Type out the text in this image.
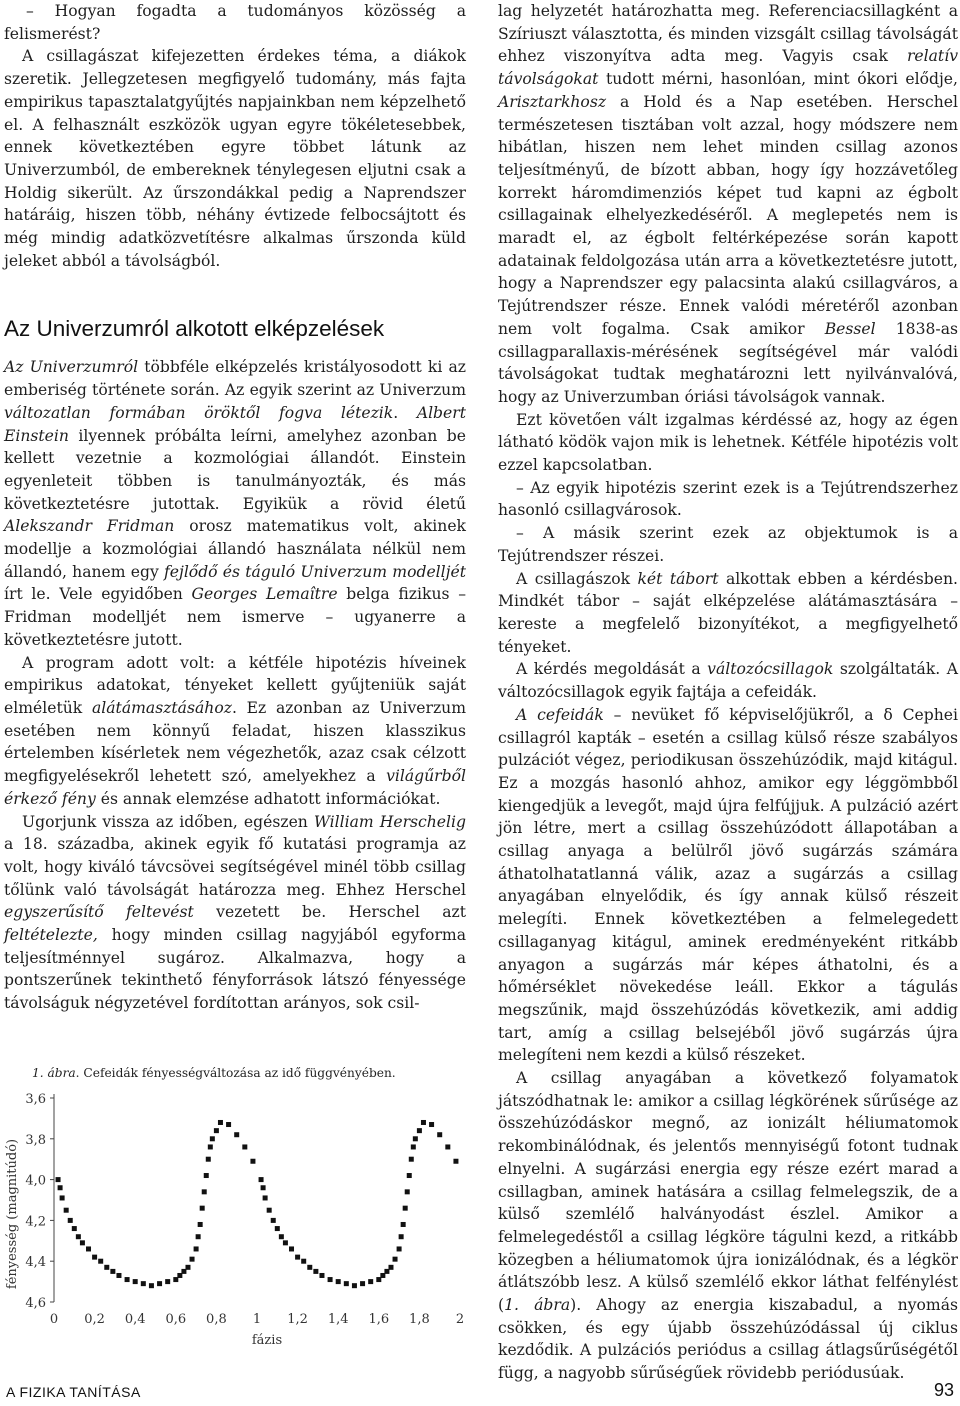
– Hogyan fogadta a tudományos közösség a felismerést?

A csillagászat kifejezetten érdekes téma, a diákok szeretik. Jellegzetesen megfigyelő tudomány, más fajta empirikus tapasztalatgyűjtés napjainkban nem képzelhető el. A felhasznált eszközök ugyan egyre tökéletesebbek, ennek következtében egyre többet látunk az Univerzumból, de embereknek ténylegesen eljutni csak a Holdig sikerült. Az űrszondákkal pedig a Naprendszer határáig, hiszen több, néhány évtizede felbocsájtott és még mindig adatközvetítésre alkalmas űrszonda küld jeleket abból a távolságból.

Az Univerzumról alkotott elképzelések

Az Univerzumról többféle elképzelés kristályosodott ki az emberiség története során. Az egyik szerint az Univerzum változatlan formában öröktől fogva létezik. Albert Einstein ilyennek próbálta leírni, amelyhez azonban be kellett vezetnie a kozmológiai állandót. Einstein egyenleteit többen is tanulmányozták, és más következtetésre jutottak. Egyikük a rövid életű Alekszandr Fridman orosz matematikus volt, akinek modellje a kozmológiai állandó használata nélkül nem állandó, hanem egy fejlődő és táguló Univerzum modelljét írt le. Vele egyidőben Georges Lemaître belga fizikus – Fridman modelljét nem ismerve – ugyanerre a következtetésre jutott.

A program adott volt: a kétféle hipotézis híveinek empirikus adatokat, tényeket kellett gyűjteniük saját elméletük alátámasztásához. Ez azonban az Univerzum esetében nem könnyű feladat, hiszen klasszikus értelemben kísérletek nem végezhetők, azaz csak célzott megfigyelésekről lehetett szó, amelyekhez a világűrből érkező fény és annak elemzése adhatott információkat.

Ugorjunk vissza az időben, egészen William Herschelig a 18. századba, akinek egyik fő kutatási programja az volt, hogy kiváló távcsövei segítségével minél több csillag tőlünk való távolságát határozza meg. Ehhez Herschel egyszerűsítő feltevést vezetett be. Herschel azt feltételezte, hogy minden csillag nagyjából egyforma teljesítménnyel sugároz. Alkalmazva, hogy a pontszerűnek tekinthető fényforrások látszó fényessége távolságuk négyzetével fordítottan arányos, sok csil-

lag helyzetét határozhatta meg. Referenciacsillagként a Szíriuszt választotta, és minden vizsgált csillag távolságát ehhez viszonyítva adta meg. Vagyis csak relatív távolságokat tudott mérni, hasonlóan, mint ókori elődje, Arisztarkhosz a Hold és a Nap esetében. Herschel természetesen tisztában volt azzal, hogy módszere nem hibátlan, hiszen nem lehet minden csillag azonos teljesítményű, de bízott abban, hogy így hozzávetőleg korrekt háromdimenziós képet tud kapni az égbolt csillagainak elhelyezkedéséről. A meglepetés nem is maradt el, az égbolt feltérképezése során kapott adatainak feldolgozása után arra a következtetésre jutott, hogy a Naprendszer egy palacsinta alakú csillagváros, a Tejútrendszer része. Ennek valódi méretéről azonban nem volt fogalma. Csak amikor Bessel 1838-as csillagparallaxis-mérésének segítségével már valódi távolságokat tudtak meghatározni lett nyilvánvalóvá, hogy az Univerzumban óriási távolságok vannak.

Ezt követően vált izgalmas kérdéssé az, hogy az égen látható ködök vajon mik is lehetnek. Kétféle hipotézis volt ezzel kapcsolatban.

– Az egyik hipotézis szerint ezek is a Tejútrendszerhez hasonló csillagvárosok.

– A másik szerint ezek az objektumok is a Tejútrendszer részei.

A csillagászok két tábort alkottak ebben a kérdésben. Mindkét tábor – saját elképzelése alátámasztására – kereste a megfelelő bizonyítékot, a megfigyelhető tényeket.

A kérdés megoldását a változócsillagok szolgáltaták. A változócsillagok egyik fajtája a cefeidák.

A cefeidák – nevüket fő képviselőjükről, a δ Cephei csillagról kapták – esetén a csillag külső része szabályos pulzációt végez, periodikusan összehúzódik, majd kitágul. Ez a mozgás hasonló ahhoz, amikor egy léggömbből kiengedjük a levegőt, majd újra felfújjuk. A pulzáció azért jön létre, mert a csillag összehúzódott állapotában a csillag anyaga a belülről jövő sugárzás számára áthatolhatatlanná válik, azaz a sugárzás a csillag anyagában elnyelődik, és így annak külső részeit melegíti. Ennek következtében a felmelegedett csillaganyag kitágul, aminek eredményeként ritkább anyagon a sugárzás már képes áthatolni, és a hőmérséklet növekedése leáll. Ekkor a tágulás megszűnik, majd összehúzódás következik, ami addig tart, amíg a csillag belsejéből jövő sugárzás újra melegíteni nem kezdi a külső részeket.

A csillag anyagában a következő folyamatok játszódhatnak le: amikor a csillag légkörének sűrűsége az összehúzódáskor megnő, az ionizált héliumatomok rekombinálódnak, és jelentős mennyiségű fotont tudnak elnyelni. A sugárzási energia egy része ezért marad a csillagban, aminek hatására a csillag felmelegszik, de a külső szemlélő halványodást észlel. Amikor a felmelegedéstől a csillag légköre tágulni kezd, a ritkább közegben a héliumatomok újra ionizálódnak, és a légkör átlátszóbb lesz. A külső szemlélő ekkor láthat felfénylést (1. ábra). Ahogy az energia kiszabadul, a nyomás csökken, és egy újabb összehúzódással új ciklus kezdődik. A pulzációs periódus a csillag átlagsűrűségétől függ, a nagyobb sűrűségűek rövidebb periódusúak.

1. ábra. Cefeidák fényességváltozása az idő függvényében.
3,6
3,8
4,0
4,2
4,4
4,6
0 0,2 0,4 0,6 0,8 1 1,2 1,4 1,6 1,8 2
fázis
fényesség (magnitúdó)
A FIZIKA TANÍTÁSA	93
